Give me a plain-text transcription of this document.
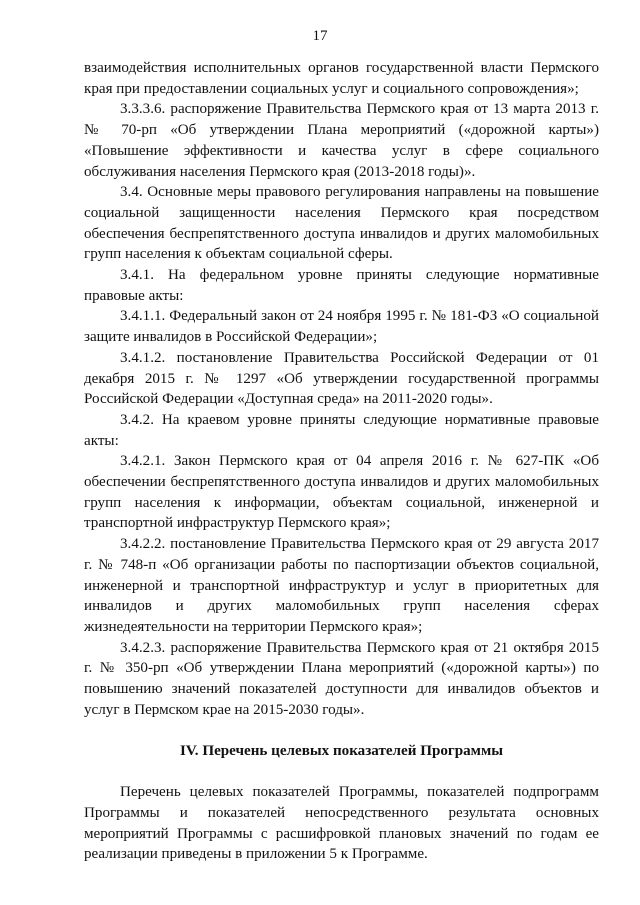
17

взаимодействия исполнительных органов государственной власти Пермского края при предоставлении социальных услуг и социального сопровождения»;

3.3.3.6. распоряжение Правительства Пермского края от 13 марта 2013 г. № 70-рп «Об утверждении Плана мероприятий («дорожной карты») «Повышение эффективности и качества услуг в сфере социального обслуживания населения Пермского края (2013-2018 годы)».

3.4. Основные меры правового регулирования направлены на повышение социальной защищенности населения Пермского края посредством обеспечения беспрепятственного доступа инвалидов и других маломобильных групп населения к объектам социальной сферы.

3.4.1. На федеральном уровне приняты следующие нормативные правовые акты:

3.4.1.1. Федеральный закон от 24 ноября 1995 г. № 181-ФЗ «О социальной защите инвалидов в Российской Федерации»;

3.4.1.2. постановление Правительства Российской Федерации от 01 декабря 2015 г. № 1297 «Об утверждении государственной программы Российской Федерации «Доступная среда» на 2011-2020 годы».

3.4.2. На краевом уровне приняты следующие нормативные правовые акты:

3.4.2.1. Закон Пермского края от 04 апреля 2016 г. № 627-ПК «Об обеспечении беспрепятственного доступа инвалидов и других маломобильных групп населения к информации, объектам социальной, инженерной и транспортной инфраструктур Пермского края»;

3.4.2.2. постановление Правительства Пермского края от 29 августа 2017 г. № 748-п «Об организации работы по паспортизации объектов социальной, инженерной и транспортной инфраструктур и услуг в приоритетных для инвалидов и других маломобильных групп населения сферах жизнедеятельности на территории Пермского края»;

3.4.2.3. распоряжение Правительства Пермского края от 21 октября 2015 г. № 350-рп «Об утверждении Плана мероприятий («дорожной карты») по повышению значений показателей доступности для инвалидов объектов и услуг в Пермском крае на 2015-2030 годы».

IV. Перечень целевых показателей Программы

Перечень целевых показателей Программы, показателей подпрограмм Программы и показателей непосредственного результата основных мероприятий Программы с расшифровкой плановых значений по годам ее реализации приведены в приложении 5 к Программе.
